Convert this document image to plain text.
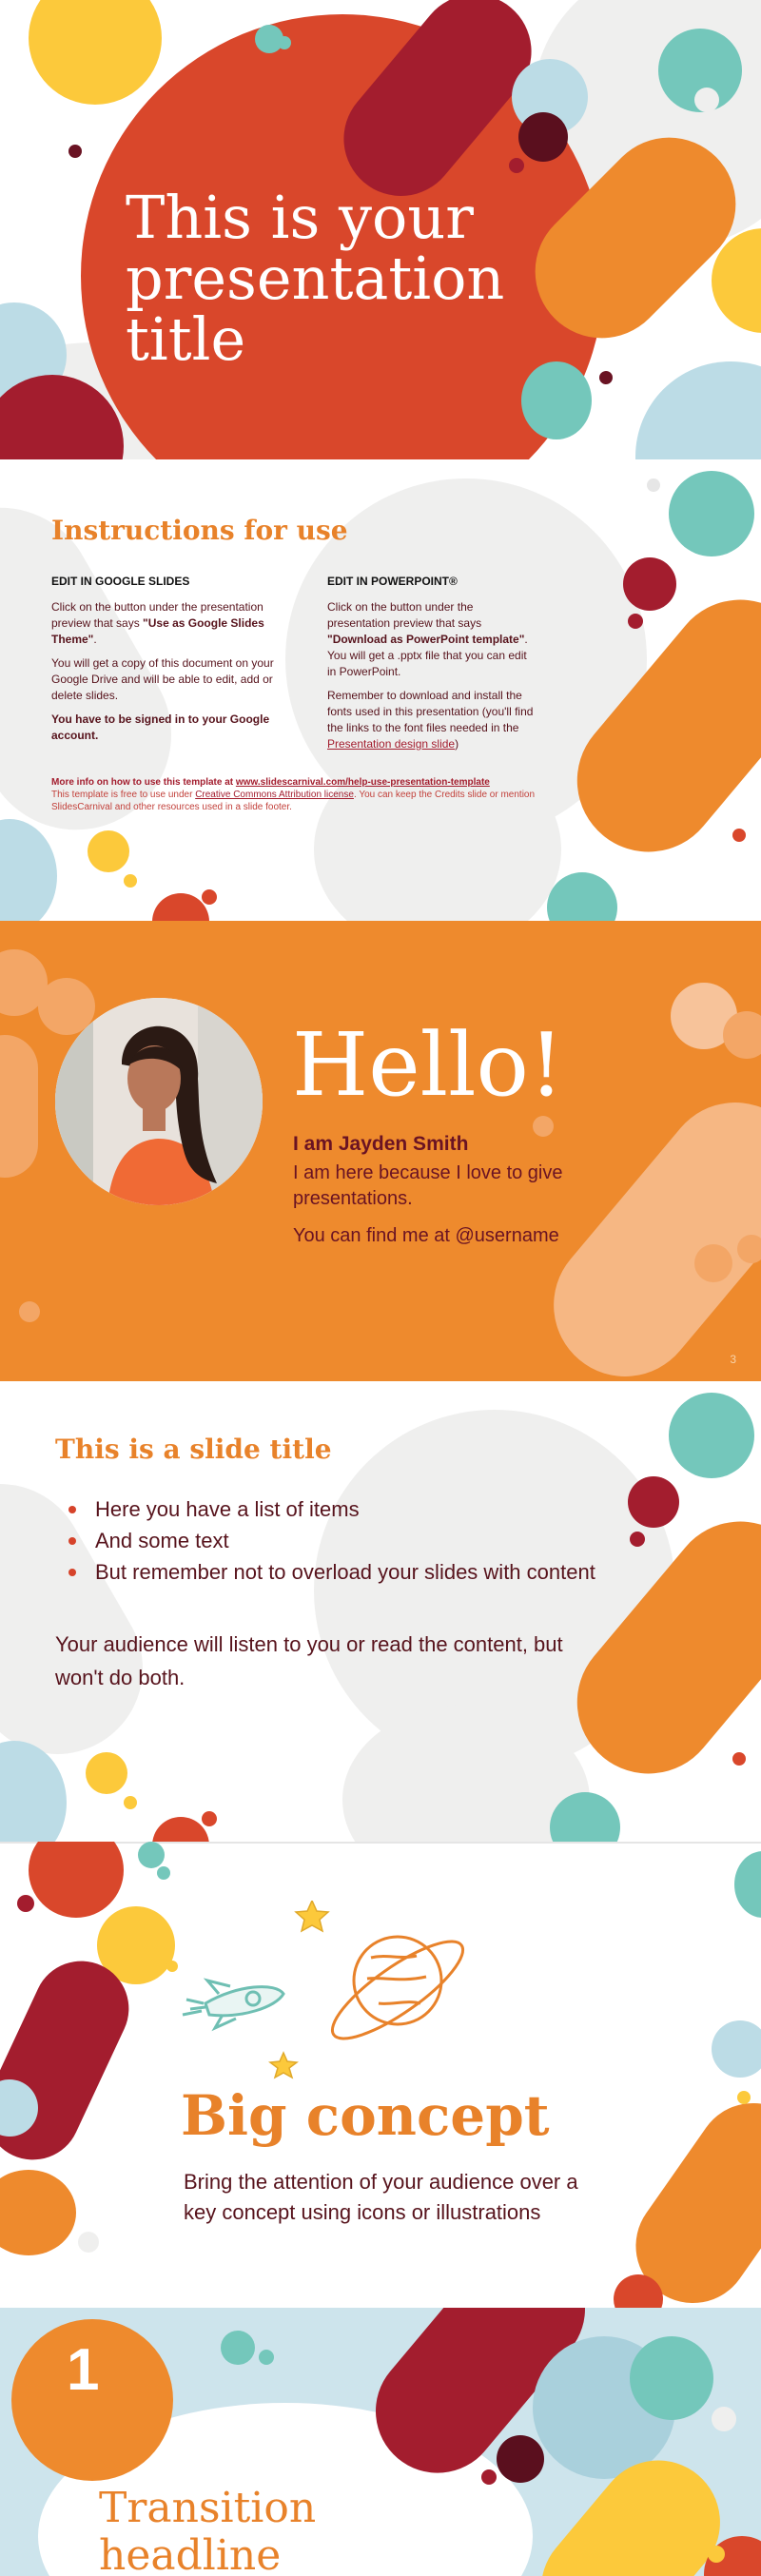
This is your
presentation
title
Instructions for use
EDIT IN GOOGLE SLIDES

Click on the button under the presentation preview that says "Use as Google Slides Theme".

You will get a copy of this document on your Google Drive and will be able to edit, add or delete slides.

You have to be signed in to your Google account.

EDIT IN POWERPOINT®

Click on the button under the presentation preview that says "Download as PowerPoint template". You will get a .pptx file that you can edit in PowerPoint.

Remember to download and install the fonts used in this presentation (you'll find the links to the font files needed in the Presentation design slide)

More info on how to use this template at www.slidescarnival.com/help-use-presentation-template
This template is free to use under Creative Commons Attribution license. You can keep the Credits slide or mention SlidesCarnival and other resources used in a slide footer.
Hello!
I am Jayden Smith
I am here because I love to give presentations.
You can find me at @username
3
This is a slide title
Here you have a list of items
And some text
But remember not to overload your slides with content
Your audience will listen to you or read the content, but won't do both.
Big concept
Bring the attention of your audience over a key concept using icons or illustrations
1
Transition
headline
